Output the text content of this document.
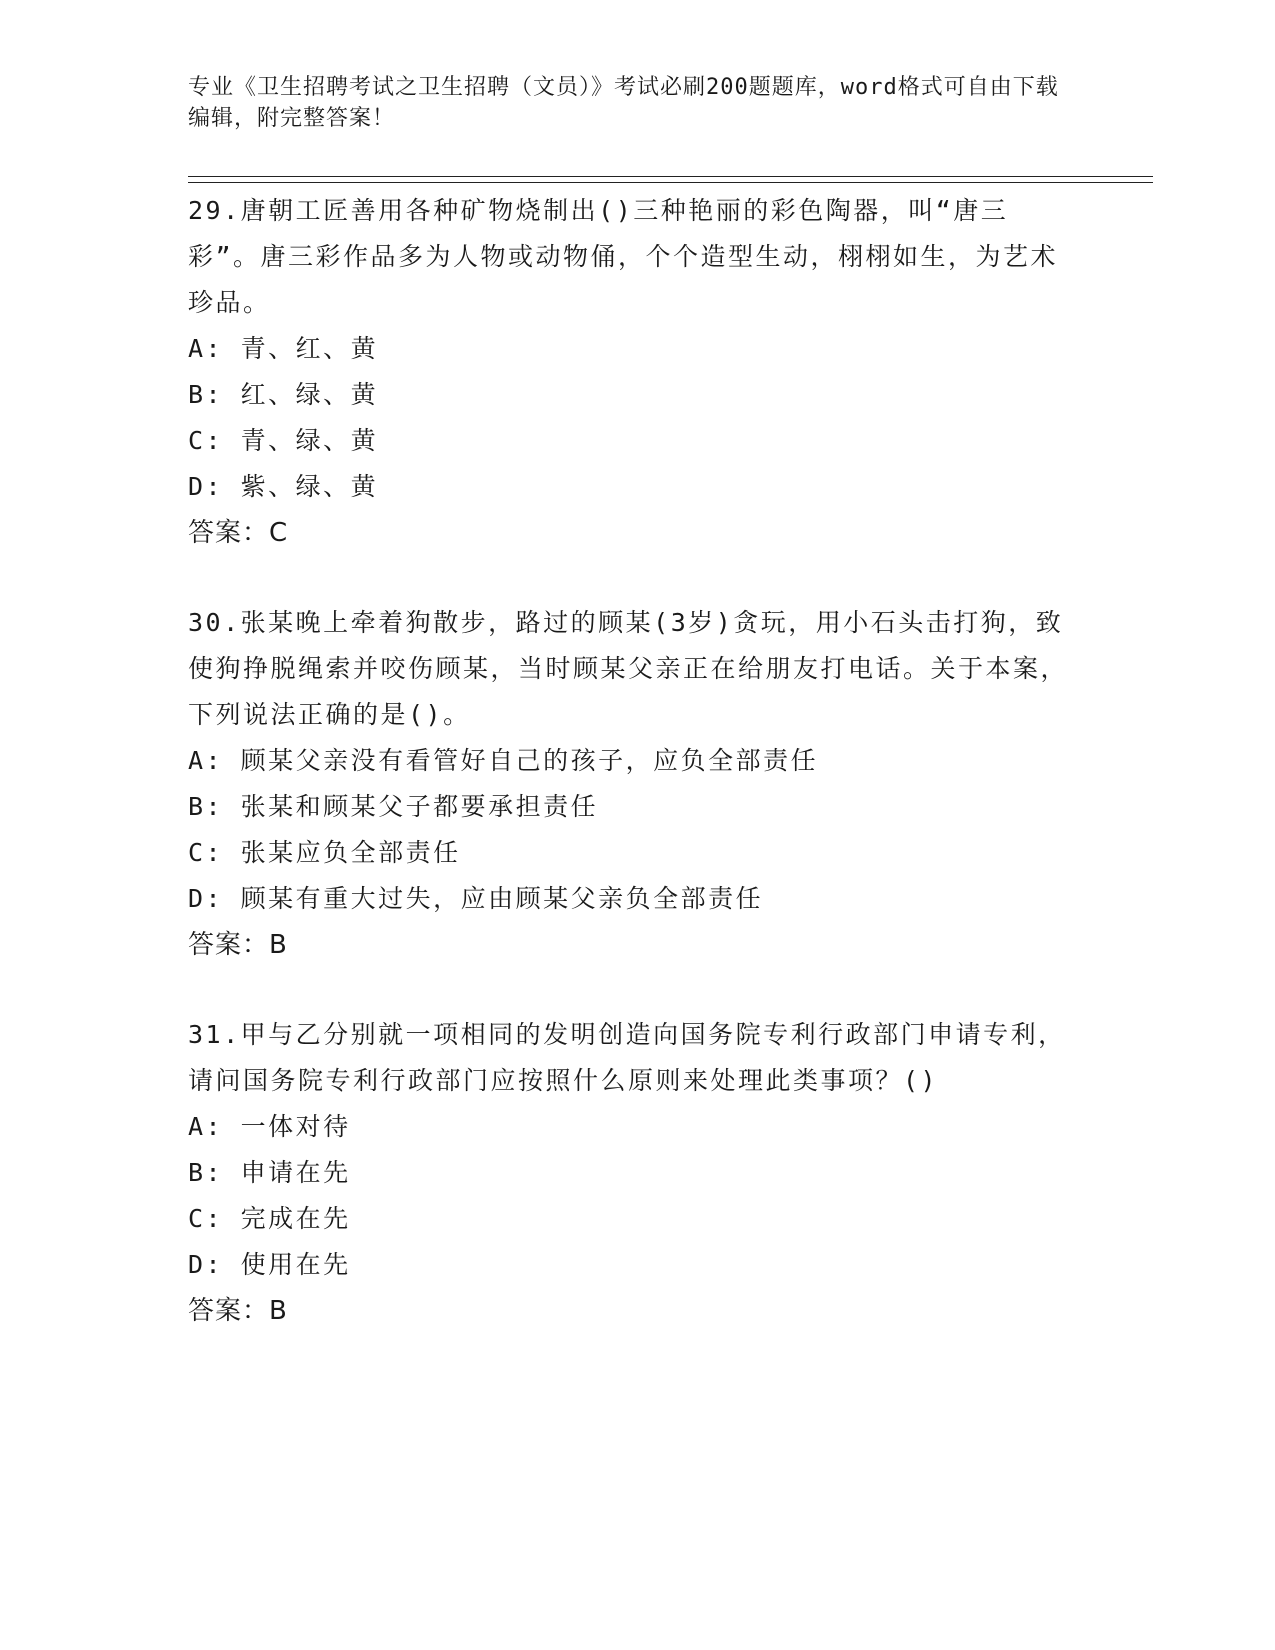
专业《卫生招聘考试之卫生招聘（文员）》考试必刷200题题库，word格式可自由下载编辑，附完整答案！

29.唐朝工匠善用各种矿物烧制出()三种艳丽的彩色陶器，叫“唐三彩”。唐三彩作品多为人物或动物俑，个个造型生动，栩栩如生，为艺术珍品。

A: 青、红、黄

B: 红、绿、黄

C: 青、绿、黄

D: 紫、绿、黄

答案：C

30.张某晚上牵着狗散步，路过的顾某(3岁)贪玩，用小石头击打狗，致使狗挣脱绳索并咬伤顾某，当时顾某父亲正在给朋友打电话。关于本案，下列说法正确的是()。

A: 顾某父亲没有看管好自己的孩子，应负全部责任

B: 张某和顾某父子都要承担责任

C: 张某应负全部责任

D: 顾某有重大过失，应由顾某父亲负全部责任

答案：B

31.甲与乙分别就一项相同的发明创造向国务院专利行政部门申请专利，请问国务院专利行政部门应按照什么原则来处理此类事项？()

A: 一体对待

B: 申请在先

C: 完成在先

D: 使用在先

答案：B
